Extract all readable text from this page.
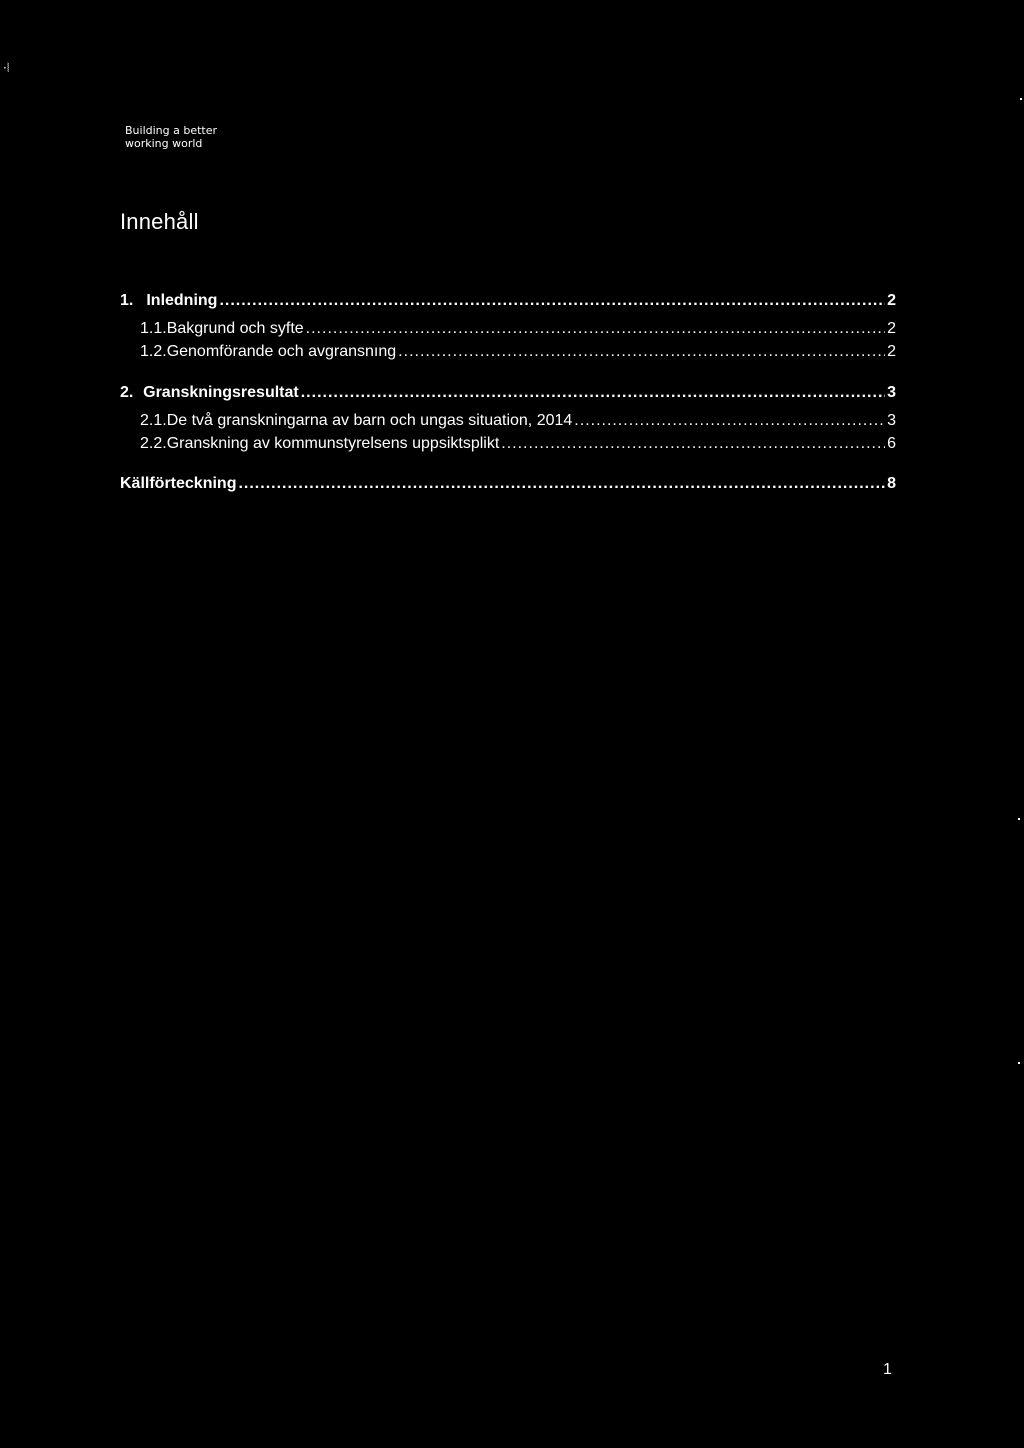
·⦚
Building a better
working world
Innehåll
1. Inledning .....	2
1.1. Bakgrund och syfte .....	2
1.2. Genomförande och avgransnıng .....	2
2. Granskningsresultat .....	3
2.1. De två granskningarna av barn och ungas situation, 2014 .....	3
2.2. Granskning av kommunstyrelsens uppsiktsplikt .....	6
Källförteckning .....	8
1
